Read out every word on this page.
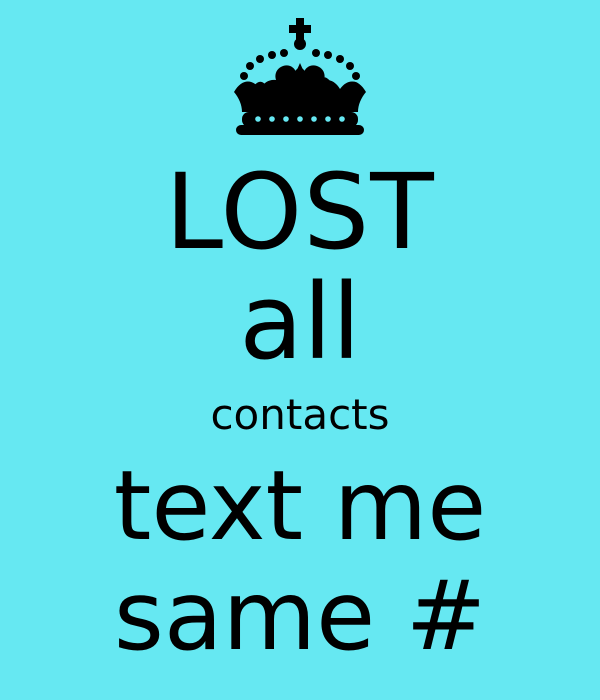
LOST
all
contacts
text me
same #
